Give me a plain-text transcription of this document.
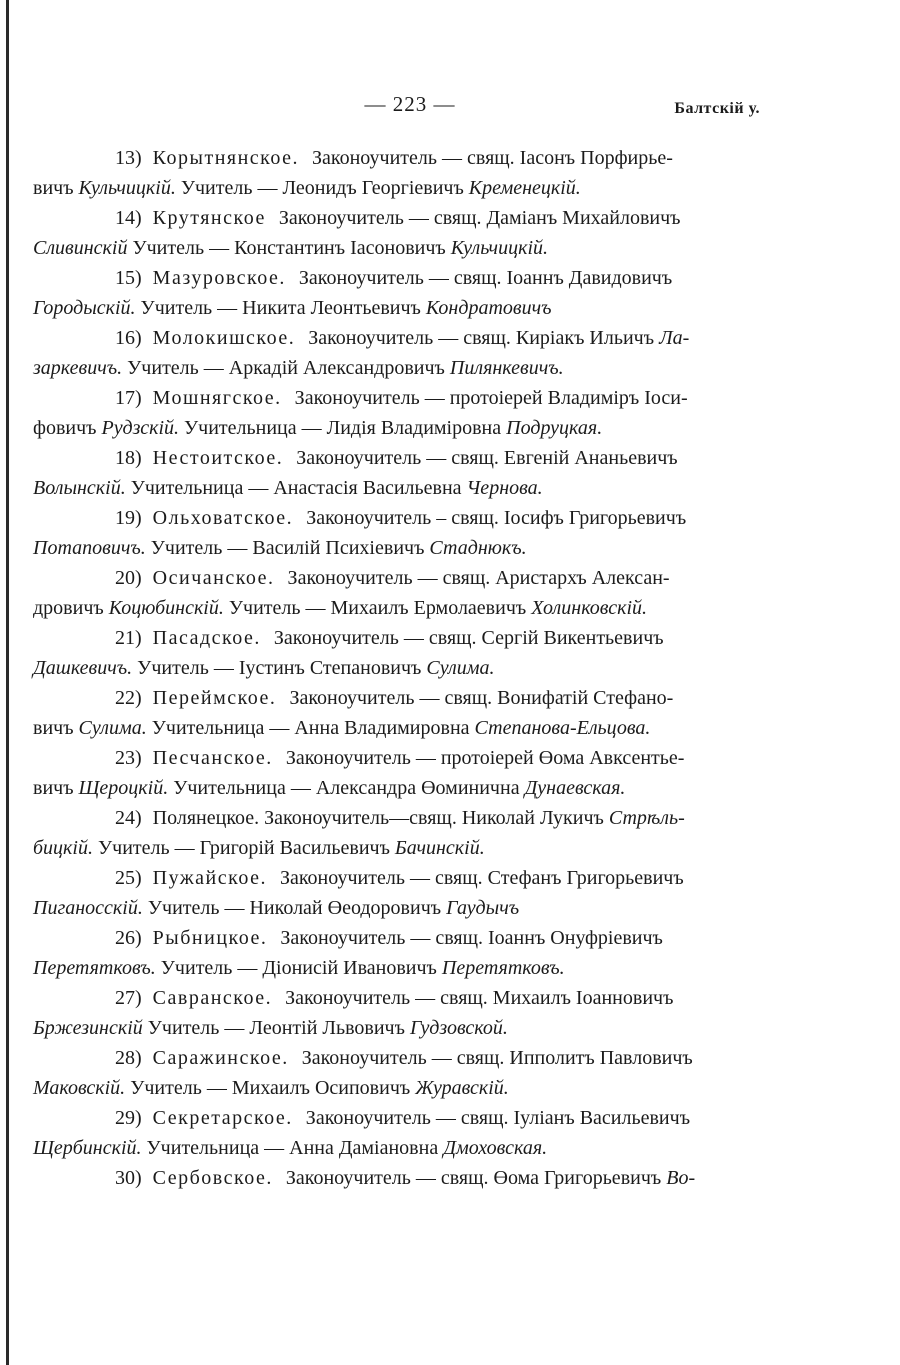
— 223 —	Балтскій у.
13) Корытнянское. Законоучитель — свящ. Іасонъ Порфирье-
вичъ Кульчицкій. Учитель — Леонидъ Георгіевичъ Кременецкій.
14) Крутянское Законоучитель — свящ. Даміанъ Михайловичъ
Сливинскій Учитель — Константинъ Іасоновичъ Кульчицкій.
15) Мазуровское. Законоучитель — свящ. Іоаннъ Давидовичъ
Городыскій. Учитель — Никита Леонтьевичъ Кондратовичъ
16) Молокишское. Законоучитель — свящ. Киріакъ Ильичъ Ла-
заркевичъ. Учитель — Аркадій Александровичъ Пилянкевичъ.
17) Мошнягское. Законоучитель — протоіерей Владиміръ Іоси-
фовичъ Рудзскій. Учительница — Лидія Владиміровна Подруцкая.
18) Нестоитское. Законоучитель — свящ. Евгеній Ананьевичъ
Волынскій. Учительница — Анастасія Васильевна Чернова.
19) Ольховатское. Законоучитель – свящ. Іосифъ Григорьевичъ
Потаповичъ. Учитель — Василій Психіевичъ Стаднюкъ.
20) Осичанское. Законоучитель — свящ. Аристархъ Алексан-
дровичъ Коцюбинскій. Учитель — Михаилъ Ермолаевичъ Холинковскій.
21) Пасадское. Законоучитель — свящ. Сергій Викентьевичъ
Дашкевичъ. Учитель — Іустинъ Степановичъ Сулима.
22) Переймское. Законоучитель — свящ. Вонифатій Стефано-
вичъ Сулима. Учительница — Анна Владимировна Степанова-Ельцова.
23) Песчанское. Законоучитель — протоіерей Өома Авксентье-
вичъ Щероцкій. Учительница — Александра Өоминична Дунаевская.
24) Полянецкое. Законоучитель—свящ. Николай Лукичъ Стрѣль-
бицкій. Учитель — Григорій Васильевичъ Бачинскій.
25) Пужайское. Законоучитель — свящ. Стефанъ Григорьевичъ
Пиганосскій. Учитель — Николай Өеодоровичъ Гаудычъ
26) Рыбницкое. Законоучитель — свящ. Іоаннъ Онуфріевичъ
Перетятковъ. Учитель — Діонисій Ивановичъ Перетятковъ.
27) Савранское. Законоучитель — свящ. Михаилъ Іоанновичъ
Бржезинскій Учитель — Леонтій Львовичъ Гудзовской.
28) Саражинское. Законоучитель — свящ. Ипполитъ Павловичъ
Маковскій. Учитель — Михаилъ Осиповичъ Журавскій.
29) Секретарское. Законоучитель — свящ. Іуліанъ Васильевичъ
Щербинскій. Учительница — Анна Даміановна Дмоховская.
30) Сербовское. Законоучитель — свящ. Өома Григорьевичъ Во-
